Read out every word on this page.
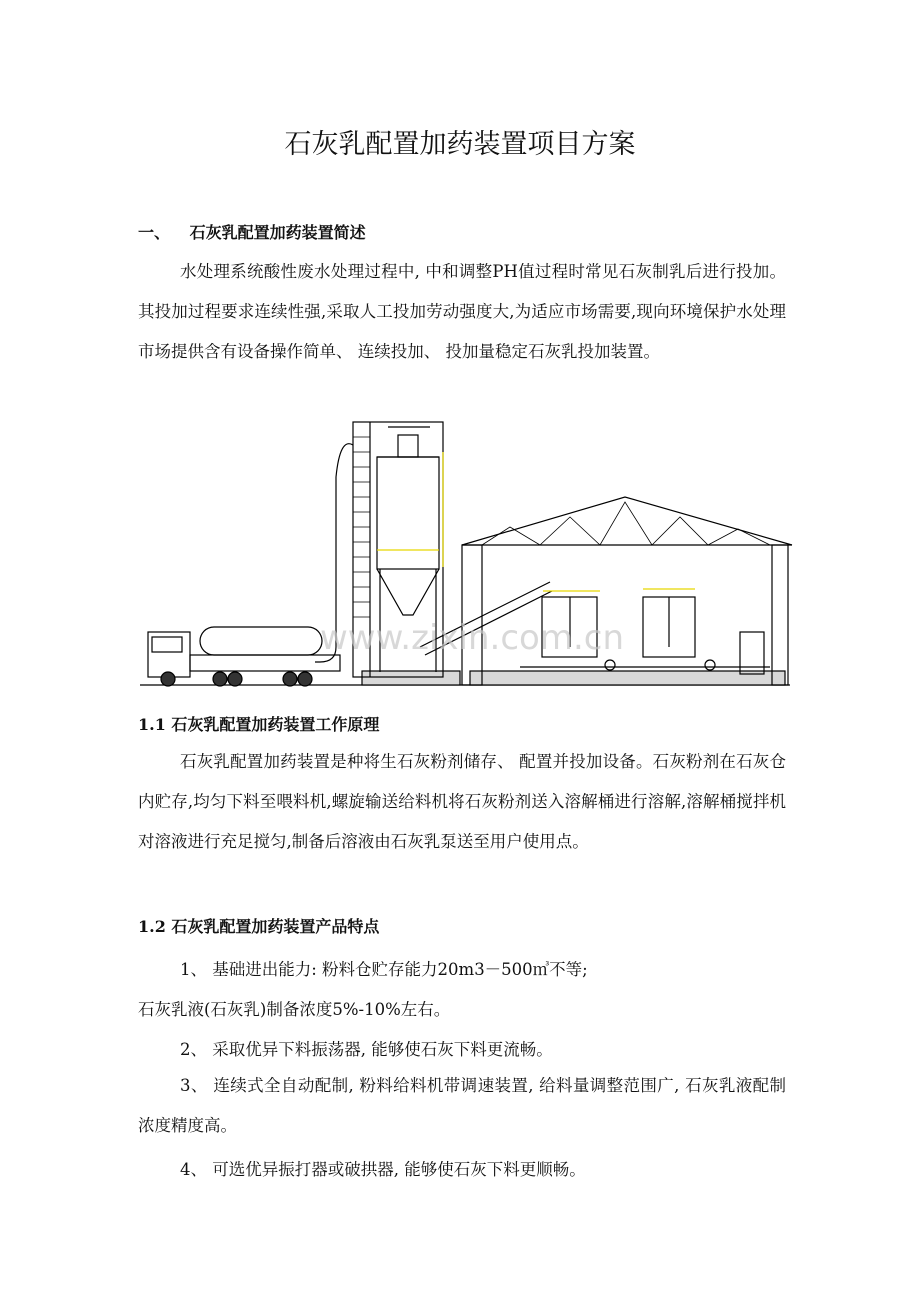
石灰乳配置加药装置项目方案
一、 石灰乳配置加药装置简述
水处理系统酸性废水处理过程中, 中和调整PH值过程时常见石灰制乳后进行投加。其投加过程要求连续性强,采取人工投加劳动强度大,为适应市场需要,现向环境保护水处理市场提供含有设备操作简单、 连续投加、 投加量稳定石灰乳投加装置。
www.zixin.com.cn
1.1 石灰乳配置加药装置工作原理
石灰乳配置加药装置是种将生石灰粉剂储存、 配置并投加设备。石灰粉剂在石灰仓内贮存,均匀下料至喂料机,螺旋输送给料机将石灰粉剂送入溶解桶进行溶解,溶解桶搅拌机对溶液进行充足搅匀,制备后溶液由石灰乳泵送至用户使用点。
1.2 石灰乳配置加药装置产品特点
1、 基础进出能力: 粉料仓贮存能力20m3－500㎥不等;
石灰乳液(石灰乳)制备浓度5%-10%左右。
2、 采取优异下料振荡器, 能够使石灰下料更流畅。
3、 连续式全自动配制, 粉料给料机带调速装置, 给料量调整范围广, 石灰乳液配制浓度精度高。
4、 可选优异振打器或破拱器, 能够使石灰下料更顺畅。
